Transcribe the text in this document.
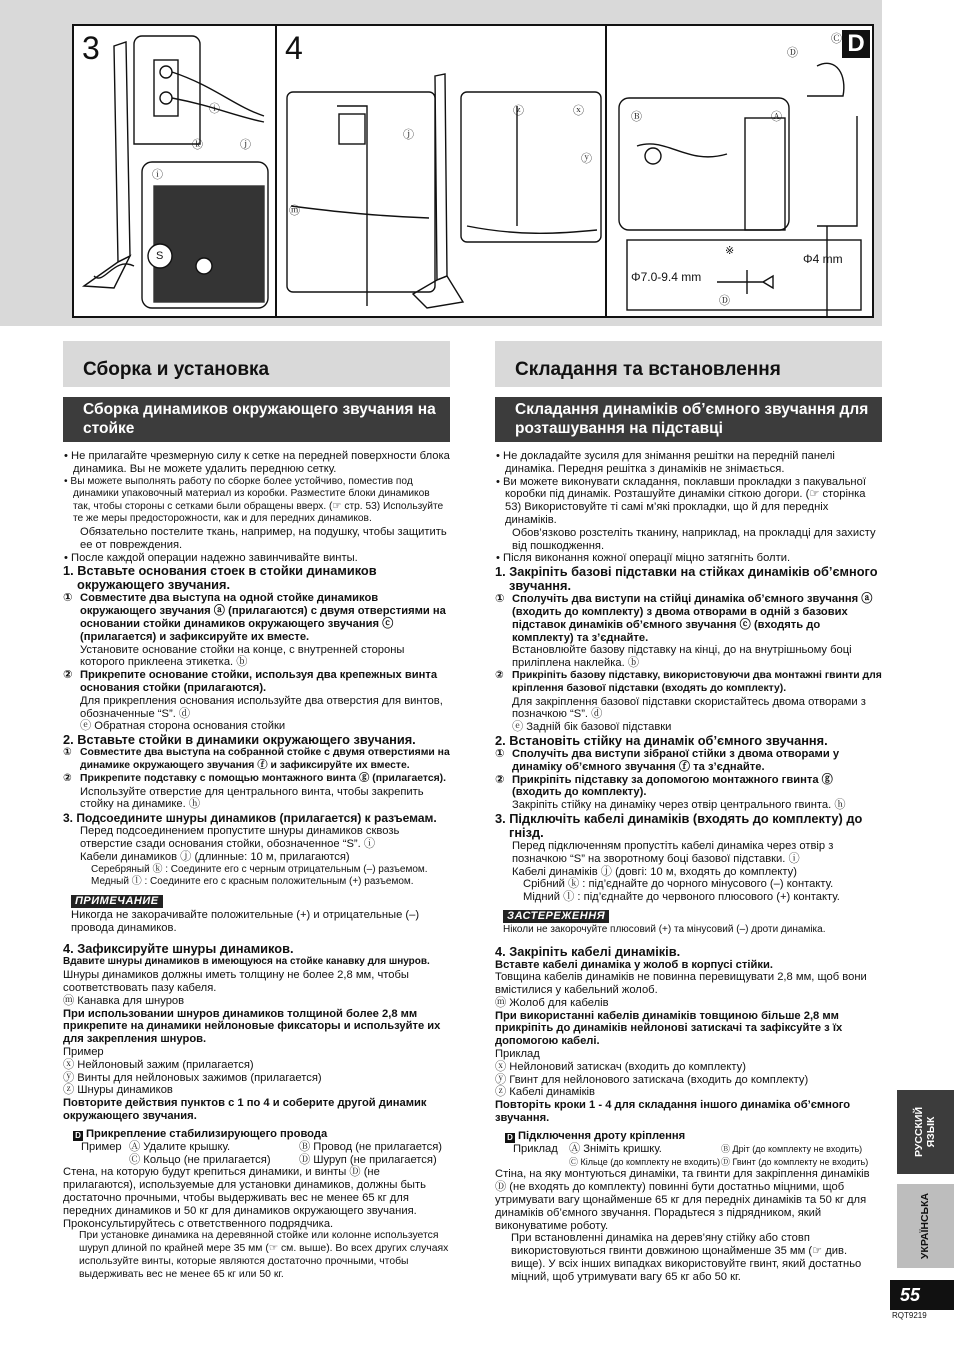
3
ⓘ
ⓚ	ⓙ
ⓘ
S
4
ⓩ	ⓧ
ⓨ
ⓙ
ⓜ
D
Ⓓ
Ⓒ
Ⓑ	Ⓐ
※
Ⓓ
Φ4 mm
Φ7.0-9.4 mm
Сборка и установка
Сборка динамиков окружающего звучания на стойке

• Не прилагайте чрезмерную силу к сетке на передней поверхности блока динамика. Вы не можете удалить переднюю сетку.

• Вы можете выполнять работу по сборке более устойчиво, поместив под динамики упаковочный материал из коробки. Разместите блоки динамиков так, чтобы стороны с сетками были обращены вверх. (☞ стр. 53) Используйте те же меры предосторожности, как и для передних динамиков.

Обязательно постелите ткань, например, на подушку, чтобы защитить ее от повреждения.

• После каждой операции надежно завинчивайте винты.

1. Вставьте основания стоек в стойки динамиков окружающего звучания.

① Совместите два выступа на одной стойке динамиков окружающего звучания ⓐ (прилагаются) с двумя отверстиями на основании стойки динамиков окружающего звучания ⓒ (прилагается) и зафиксируйте их вместе.

Установите основание стойки на конце, с внутренней стороны которого приклеена этикетка. ⓑ

② Прикрепите основание стойки, используя два крепежных винта основания стойки (прилагаются).

Для прикрепления основания используйте два отверстия для винтов, обозначенные “S”. ⓓ

ⓔ Обратная сторона основания стойки

2. Вставьте стойки в динамики окружающего звучания.

① Совместите два выступа на собранной стойке с двумя отверстиями на динамике окружающего звучания ⓕ и зафиксируйте их вместе.

② Прикрепите подставку с помощью монтажного винта ⓖ (прилагается).

Используйте отверстие для центрального винта, чтобы закрепить стойку на динамике. ⓗ

3. Подсоедините шнуры динамиков (прилагается) к разъемам.

Перед подсоединением пропустите шнуры динамиков сквозь отверстие сзади основания стойки, обозначенное “S”. ⓘ

Кабели динамиков ⓙ (длинные: 10 м, прилагаются)

Серебряный ⓚ : Соедините его с черным отрицательным (–) разъемом.

Медный ⓛ : Соедините его с красным положительным (+) разъемом.

ПРИМЕЧАНИЕ

Никогда не закорачивайте положительные (+) и отрицательные (–) провода динамиков.

4. Зафиксируйте шнуры динамиков.

Вдавите шнуры динамиков в имеющуюся на стойке канавку для шнуров.

Шнуры динамиков должны иметь толщину не более 2,8 мм, чтобы соответствовать пазу кабеля.

ⓜ Канавка для шнуров

При использовании шнуров динамиков толщиной более 2,8 мм прикрепите на динамики нейлоновые фиксаторы и используйте их для закрепления шнуров.

Пример

ⓧ Нейлоновый зажим (прилагается)

ⓨ Винты для нейлоновых зажимов (прилагается)

ⓩ Шнуры динамиков

Повторите действия пунктов с 1 по 4 и соберите другой динамик окружающего звучания.

D Прикрепление стабилизирующего провода

Пример Ⓐ Удалите крышку.	Ⓑ Провод (не прилагается)
Ⓒ Кольцо (не прилагается)	Ⓓ Шуруп (не прилагается)

Стена, на которую будут крепиться динамики, и винты Ⓓ (не прилагаются), используемые для установки динамиков, должны быть достаточно прочными, чтобы выдерживать вес не менее 65 кг для передних динамиков и 50 кг для динамиков окружающего звучания. Проконсультируйтесь с ответственного подрядчика.

При установке динамика на деревянной стойке или колонне используется шуруп длиной по крайней мере 35 мм (☞ см. выше). Во всех других случаях используйте винты, которые являются достаточно прочными, чтобы выдерживать вес не менее 65 кг или 50 кг.

Складання та встановлення
Складання динаміків об’ємного звучання для розташування на підставці

• Не докладайте зусиля для знімання решітки на передній панелі динаміка. Передня решітка з динаміків не знімається.

• Ви можете виконувати складання, поклавши прокладки з пакувальної коробки під динамік. Розташуйте динаміки сіткою догори. (☞ сторінка 53) Використовуйте ті самі м’які прокладки, що й для передніх динаміків.

Обов’язково розстеліть тканину, наприклад, на прокладці для захисту від пошкодження.

• Після виконання кожної операції міцно затягніть болти.

1. Закріпіть базові підставки на стійках динаміків об’ємного звучання.

① Сполучіть два виступи на стійці динаміка об’ємного звучання ⓐ (входить до комплекту) з двома отворами в одній з базових підставок динаміків об’ємного звучання ⓒ (входять до комплекту) та з’єднайте.

Встановлюйте базову підставку на кінці, до на внутрішньому боці приліплена наклейка. ⓑ

② Прикріпіть базову підставку, використовуючи два монтажні гвинти для кріплення базової підставки (входять до комплекту).

Для закріплення базової підставки скористайтесь двома отворами з позначкою “S”. ⓓ

ⓔ Задній бік базової підставки

2. Встановіть стійку на динамік об’ємного звучання.

① Сполучіть два виступи зібраної стійки з двома отворами у динаміку об’ємного звучання ⓕ та з’єднайте.

② Прикріпіть підставку за допомогою монтажного гвинта ⓖ (входить до комплекту).

Закріпіть стійку на динаміку через отвір центрального гвинта. ⓗ

3. Підключіть кабелі динаміків (входять до комплекту) до гнізд.

Перед підключенням пропустіть кабелі динаміка через отвір з позначкою “S” на зворотному боці базової підставки. ⓘ

Кабелі динаміків ⓙ (довгі: 10 м, входять до комплекту)

Срібний ⓚ : під’єднайте до чорного мінусового (–) контакту.

Мідний ⓛ : під’єднайте до червоного плюсового (+) контакту.

ЗАСТЕРЕЖЕННЯ

Ніколи не закорочуйте плюсовий (+) та мінусовий (–) дроти динаміка.

4. Закріпіть кабелі динаміків.

Вставте кабелі динаміка у жолоб в корпусі стійки.

Товщина кабелів динаміків не повинна перевищувати 2,8 мм, щоб вони вмістилися у кабельний жолоб.

ⓜ Жолоб для кабелів

При використанні кабелів динаміків товщиною більше 2,8 мм прикріпіть до динаміків нейлонові затискачі та зафіксуйте з їх допомогою кабелі.

Приклад

ⓧ Нейлоновий затискач (входить до комплекту)

ⓨ Гвинт для нейлонового затискача (входить до комплекту)

ⓩ Кабелі динаміків

Повторіть кроки 1 - 4 для складання іншого динаміка об’ємного звучання.

D Підключення дроту кріплення

Приклад Ⓐ Зніміть кришку.	Ⓑ Дріт (до комплекту не входить)
Ⓒ Кільце (до комплекту не входить) Ⓓ Гвинт (до комплекту не входить)

Стіна, на яку монтуються динаміки, та гвинти для закріплення динаміків Ⓓ (не входять до комплекту) повинні бути достатньо міцними, щоб утримувати вагу щонайменше 65 кг для передніх динаміків та 50 кг для динаміків об’ємного звучання. Порадьтеся з підрядником, який виконуватиме роботу.

При встановленні динаміка на дерев’яну стійку або стовп використовуються гвинти довжиною щонайменше 35 мм (☞ див. вище). У всіх інших випадках використовуйте гвинт, який достатньо міцний, щоб утримувати вагу 65 кг або 50 кг.

РУССКИЙ
ЯЗЫК
УКРАЇНСЬКА
55
RQT9219
